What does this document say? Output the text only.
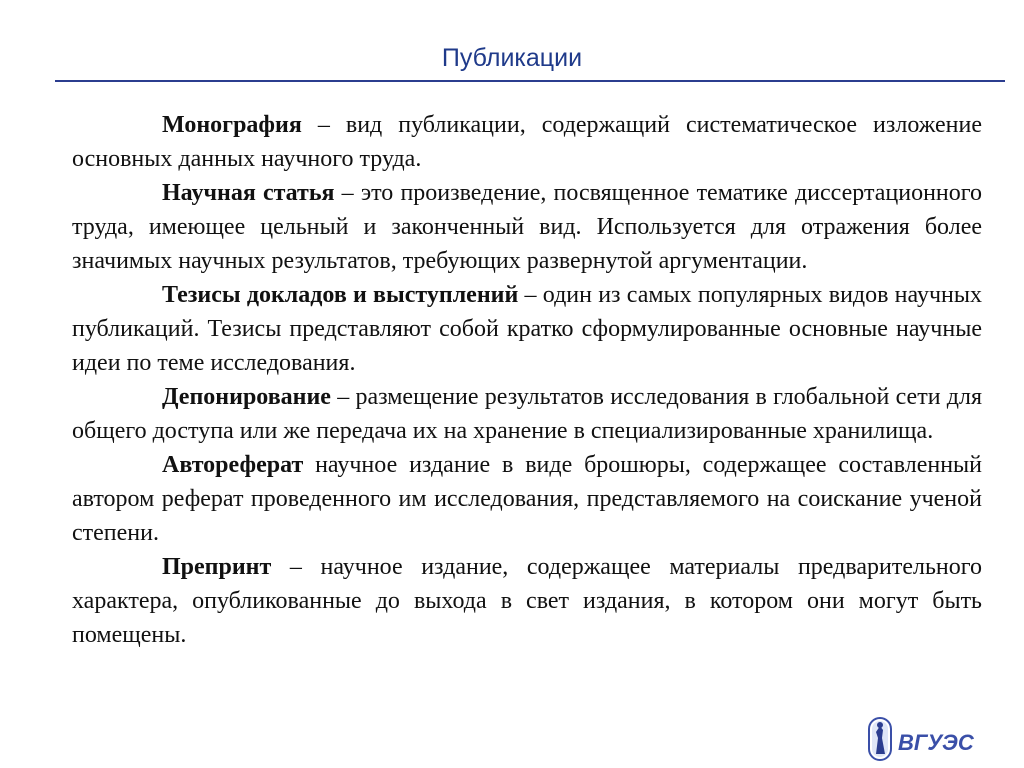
Публикации
Монография – вид публикации, содержащий систематическое изложение основных данных научного труда.
Научная статья – это произведение, посвященное тематике диссертационного труда, имеющее цельный и законченный вид. Используется для отражения более значимых научных результатов, требующих развернутой аргументации.
Тезисы докладов и выступлений – один из самых популярных видов научных публикаций. Тезисы представляют собой кратко сформулированные основные научные идеи по теме исследования.
Депонирование – размещение результатов исследования в глобальной сети для общего доступа или же передача их на хранение в специализированные хранилища.
Автореферат научное издание в виде брошюры, содержащее составленный автором реферат проведенного им исследования, представляемого на соискание ученой степени.
Препринт – научное издание, содержащее материалы предварительного характера, опубликованные до выхода в свет издания, в котором они могут быть помещены.
ВГУЭС
